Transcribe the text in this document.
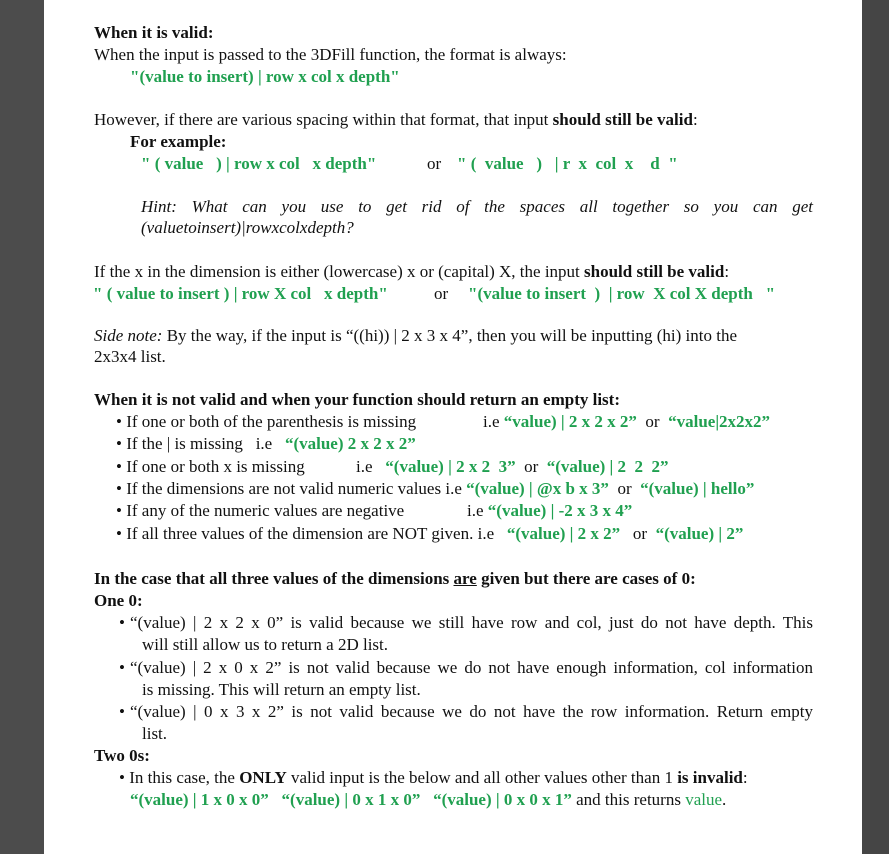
When it is valid:
When the input is passed to the 3DFill function, the format is always:
"(value to insert) | row x col x depth"
However, if there are various spacing within that format, that input should still be valid:
For example:
" ( value   ) | row x col   x depth"	or " (  value   )   | r  x  col  x    d  "
Hint: What can you use to get rid of the spaces all together so you can get
(valuetoinsert)|rowxcolxdepth?
If the x in the dimension is either (lowercase) x or (capital) X, the input should still be valid:
" ( value to insert ) | row X col   x depth"	or "(value to insert  )  | row  X col X depth   "
Side note: By the way, if the input is “((hi)) | 2 x 3 x 4”, then you will be inputting (hi) into the
2x3x4 list.
When it is not valid and when your function should return an empty list:
• If one or both of the parenthesis is missing	i.e “value) | 2 x 2 x 2” or “value|2x2x2”
• If the | is missing i.e “(value) 2 x 2 x 2”
• If one or both x is missing	i.e “(value) | 2 x 2  3” or “(value) | 2  2  2”
• If the dimensions are not valid numeric values i.e “(value) | @x b x 3” or “(value) | hello”
• If any of the numeric values are negative	i.e “(value) | -2 x 3 x 4”
• If all three values of the dimension are NOT given. i.e “(value) | 2 x 2” or “(value) | 2”
In the case that all three values of the dimensions are given but there are cases of 0:
One 0:
• “(value) | 2 x 2 x 0” is valid because we still have row and col, just do not have depth. This
will still allow us to return a 2D list.
• “(value) | 2 x 0 x 2” is not valid because we do not have enough information, col information
is missing. This will return an empty list.
• “(value) | 0 x 3 x 2” is not valid because we do not have the row information. Return empty
list.
Two 0s:
• In this case, the ONLY valid input is the below and all other values other than 1 is invalid:
“(value) | 1 x 0 x 0” “(value) | 0 x 1 x 0” “(value) | 0 x 0 x 1” and this returns value.
